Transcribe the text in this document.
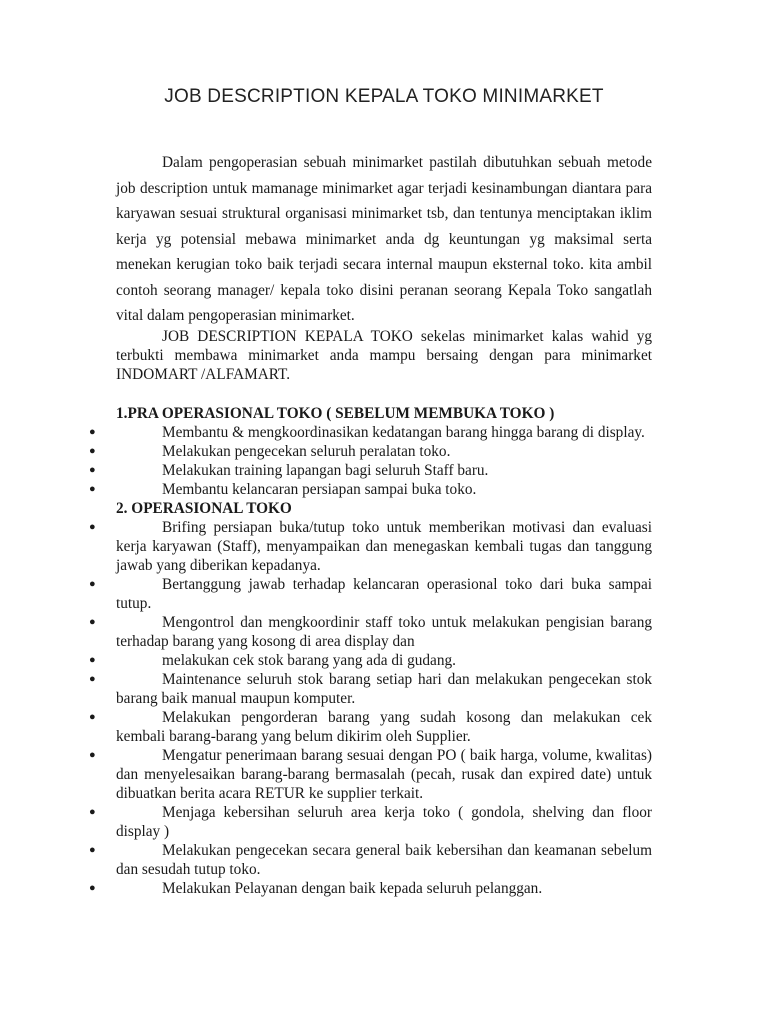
JOB DESCRIPTION KEPALA TOKO MINIMARKET

Dalam pengoperasian sebuah minimarket pastilah dibutuhkan sebuah metode job description untuk mamanage minimarket agar terjadi kesinambungan diantara para karyawan sesuai struktural organisasi minimarket tsb, dan tentunya menciptakan iklim kerja yg potensial mebawa minimarket anda dg keuntungan yg maksimal serta menekan kerugian toko baik terjadi secara internal maupun eksternal toko. kita ambil contoh seorang manager/ kepala toko disini peranan seorang Kepala Toko sangatlah vital dalam pengoperasian minimarket.

JOB DESCRIPTION KEPALA TOKO sekelas minimarket kalas wahid yg terbukti membawa minimarket anda mampu bersaing dengan para minimarket INDOMART /ALFAMART.

1.PRA OPERASIONAL TOKO ( SEBELUM MEMBUKA TOKO )

●	Membantu & mengkoordinasikan kedatangan barang hingga barang di display.
●	Melakukan pengecekan seluruh peralatan toko.
●	Melakukan training lapangan bagi seluruh Staff baru.
●	Membantu kelancaran persiapan sampai buka toko.

2. OPERASIONAL TOKO

●	Brifing persiapan buka/tutup toko untuk memberikan motivasi dan evaluasi kerja karyawan (Staff), menyampaikan dan menegaskan kembali tugas dan tanggung jawab yang diberikan kepadanya.
●	Bertanggung jawab terhadap kelancaran operasional toko dari buka sampai tutup.
●	Mengontrol dan mengkoordinir staff toko untuk melakukan pengisian barang terhadap barang yang kosong di area display dan
●	melakukan cek stok barang yang ada di gudang.
●	Maintenance seluruh stok barang setiap hari dan melakukan pengecekan stok barang baik manual maupun komputer.
●	Melakukan pengorderan barang yang sudah kosong dan melakukan cek kembali barang-barang yang belum dikirim oleh Supplier.
●	Mengatur penerimaan barang sesuai dengan PO ( baik harga, volume, kwalitas) dan menyelesaikan barang-barang bermasalah (pecah, rusak dan expired date) untuk dibuatkan berita acara RETUR ke supplier terkait.
●	Menjaga kebersihan seluruh area kerja toko ( gondola, shelving dan floor display )
●	Melakukan pengecekan secara general baik kebersihan dan keamanan sebelum dan sesudah tutup toko.
●	Melakukan Pelayanan dengan baik kepada seluruh pelanggan.
